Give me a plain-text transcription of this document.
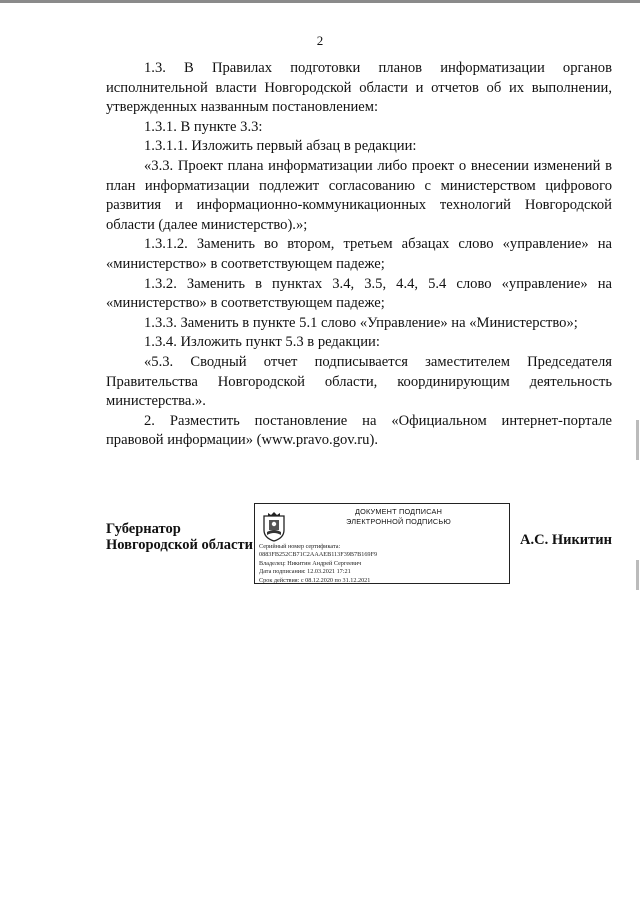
2

1.3. В Правилах подготовки планов информатизации органов исполнительной власти Новгородской области и отчетов об их выполнении, утвержденных названным постановлением:

1.3.1. В пункте 3.3:

1.3.1.1. Изложить первый абзац в редакции:

«3.3. Проект плана информатизации либо проект о внесении изменений в план информатизации подлежит согласованию с министерством цифрового развития и информационно-коммуникационных технологий Новгородской области (далее министерство).»;

1.3.1.2. Заменить во втором, третьем абзацах слово «управление» на «министерство» в соответствующем падеже;

1.3.2. Заменить в пунктах 3.4, 3.5, 4.4, 5.4 слово «управление» на «министерство» в соответствующем падеже;

1.3.3. Заменить в пункте 5.1 слово «Управление» на «Министерство»;

1.3.4. Изложить пункт 5.3 в редакции:

«5.3. Сводный отчет подписывается заместителем Председателя Правительства Новгородской области, координирующим деятельность министерства.».

2. Разместить постановление на «Официальном интернет-портале правовой информации» (www.pravo.gov.ru).

Губернатор
Новгородской области
ДОКУМЕНТ ПОДПИСАН
ЭЛЕКТРОННОЙ ПОДПИСЬЮ
Серийный номер сертификата:
0883FB252CB71C2AAAEB113F39B7B169F9
Владелец: Никитин Андрей Сергеевич
Дата подписания: 12.03.2021 17:21
Срок действия: с 08.12.2020 по 31.12.2021
А.С. Никитин
